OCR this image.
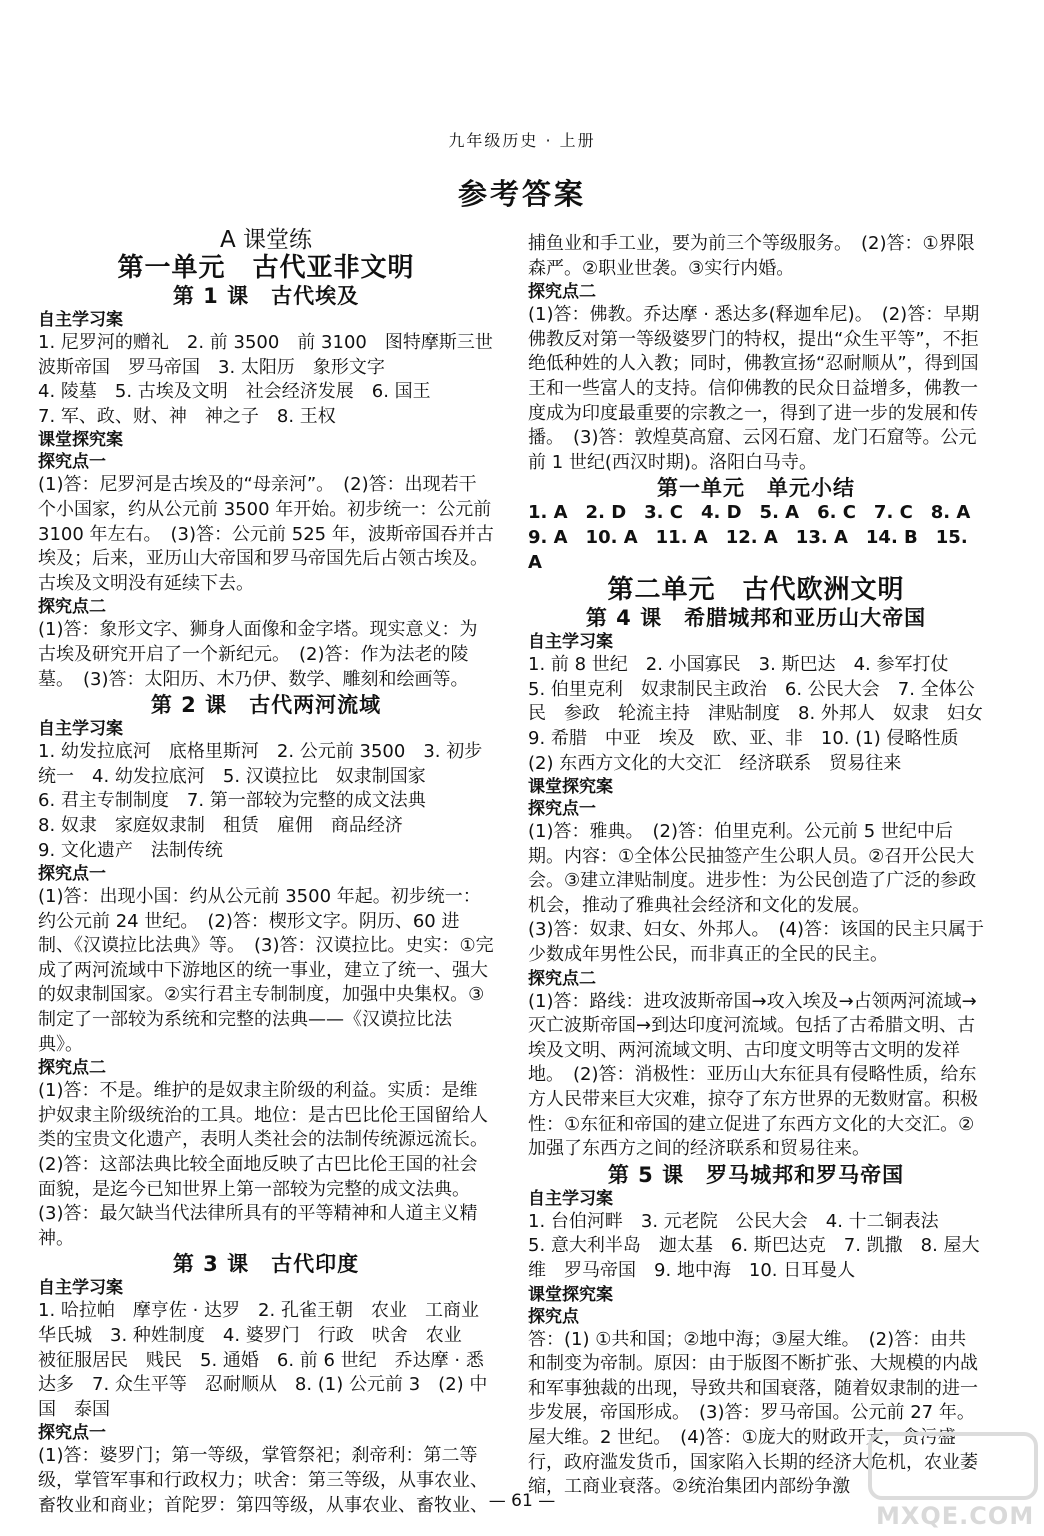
九年级历史 · 上册
参考答案
A 课堂练
第一单元　古代亚非文明
第 1 课　古代埃及
自主学习案
1. 尼罗河的赠礼　2. 前 3500　前 3100　图特摩斯三世　波斯帝国　罗马帝国　3. 太阳历　象形文字
4. 陵墓　5. 古埃及文明　社会经济发展　6. 国王
7. 军、政、财、神　神之子　8. 王权
课堂探究案
探究点一
(1)答：尼罗河是古埃及的“母亲河”。　(2)答：出现若干个小国家，约从公元前 3500 年开始。初步统一：公元前 3100 年左右。　(3)答：公元前 525 年，波斯帝国吞并古埃及；后来，亚历山大帝国和罗马帝国先后占领古埃及。古埃及文明没有延续下去。
探究点二
(1)答：象形文字、狮身人面像和金字塔。现实意义：为古埃及研究开启了一个新纪元。　(2)答：作为法老的陵墓。　(3)答：太阳历、木乃伊、数学、雕刻和绘画等。
第 2 课　古代两河流域
自主学习案
1. 幼发拉底河　底格里斯河　2. 公元前 3500　3. 初步统一　4. 幼发拉底河　5. 汉谟拉比　奴隶制国家
6. 君主专制制度　7. 第一部较为完整的成文法典
8. 奴隶　家庭奴隶制　租赁　雇佣　商品经济
9. 文化遗产　法制传统
探究点一
(1)答：出现小国：约从公元前 3500 年起。初步统一：约公元前 24 世纪。　(2)答：楔形文字。阴历、60 进制、《汉谟拉比法典》等。　(3)答：汉谟拉比。史实：①完成了两河流域中下游地区的统一事业，建立了统一、强大的奴隶制国家。②实行君主专制制度，加强中央集权。③制定了一部较为系统和完整的法典——《汉谟拉比法典》。
探究点二
(1)答：不是。维护的是奴隶主阶级的利益。实质：是维护奴隶主阶级统治的工具。地位：是古巴比伦王国留给人类的宝贵文化遗产，表明人类社会的法制传统源远流长。　(2)答：这部法典比较全面地反映了古巴比伦王国的社会面貌，是迄今已知世界上第一部较为完整的成文法典。　(3)答：最欠缺当代法律所具有的平等精神和人道主义精神。
第 3 课　古代印度
自主学习案
1. 哈拉帕　摩亨佐 · 达罗　2. 孔雀王朝　农业　工商业　华氏城　3. 种姓制度　4. 婆罗门　行政　吠舍　农业　被征服居民　贱民　5. 通婚　6. 前 6 世纪　乔达摩 · 悉达多　7. 众生平等　忍耐顺从　8. (1) 公元前 3　(2) 中国　泰国
探究点一
(1)答：婆罗门；第一等级，掌管祭祀；刹帝利：第二等级，掌管军事和行政权力；吠舍：第三等级，从事农业、畜牧业和商业；首陀罗：第四等级，从事农业、畜牧业、
捕鱼业和手工业，要为前三个等级服务。　(2)答：①界限森严。②职业世袭。③实行内婚。
探究点二
(1)答：佛教。乔达摩 · 悉达多(释迦牟尼)。　(2)答：早期佛教反对第一等级婆罗门的特权，提出“众生平等”，不拒绝低种姓的人入教；同时，佛教宣扬“忍耐顺从”，得到国王和一些富人的支持。信仰佛教的民众日益增多，佛教一度成为印度最重要的宗教之一，得到了进一步的发展和传播。　(3)答：敦煌莫高窟、云冈石窟、龙门石窟等。公元前 1 世纪(西汉时期)。洛阳白马寺。
第一单元　单元小结
1. A　2. D　3. C　4. D　5. A　6. C　7. C　8. A
9. A　10. A　11. A　12. A　13. A　14. B　15. A
第二单元　古代欧洲文明
第 4 课　希腊城邦和亚历山大帝国
自主学习案
1. 前 8 世纪　2. 小国寡民　3. 斯巴达　4. 参军打仗
5. 伯里克利　奴隶制民主政治　6. 公民大会　7. 全体公民　参政　轮流主持　津贴制度　8. 外邦人　奴隶　妇女　9. 希腊　中亚　埃及　欧、亚、非　10. (1) 侵略性质　(2) 东西方文化的大交汇　经济联系　贸易往来
课堂探究案
探究点一
(1)答：雅典。　(2)答：伯里克利。公元前 5 世纪中后期。内容：①全体公民抽签产生公职人员。②召开公民大会。③建立津贴制度。进步性：为公民创造了广泛的参政机会，推动了雅典社会经济和文化的发展。
(3)答：奴隶、妇女、外邦人。　(4)答：该国的民主只属于少数成年男性公民，而非真正的全民的民主。
探究点二
(1)答：路线：进攻波斯帝国→攻入埃及→占领两河流域→灭亡波斯帝国→到达印度河流域。包括了古希腊文明、古埃及文明、两河流域文明、古印度文明等古文明的发祥地。　(2)答：消极性：亚历山大东征具有侵略性质，给东方人民带来巨大灾难，掠夺了东方世界的无数财富。积极性：①东征和帝国的建立促进了东西方文化的大交汇。②加强了东西方之间的经济联系和贸易往来。
第 5 课　罗马城邦和罗马帝国
自主学习案
1. 台伯河畔　3. 元老院　公民大会　4. 十二铜表法
5. 意大利半岛　迦太基　6. 斯巴达克　7. 凯撒　8. 屋大维　罗马帝国　9. 地中海　10. 日耳曼人
课堂探究案
探究点
答：(1) ①共和国；②地中海；③屋大维。　(2)答：由共和制变为帝制。原因：由于版图不断扩张、大规模的内战和军事独裁的出现，导致共和国衰落，随着奴隶制的进一步发展，帝国形成。　(3)答：罗马帝国。公元前 27 年。屋大维。2 世纪。　(4)答：①庞大的财政开支，贪污盛行，政府滥发货币，国家陷入长期的经济大危机，农业萎缩，工商业衰落。②统治集团内部纷争激
— 61 —
MXQE.COM
